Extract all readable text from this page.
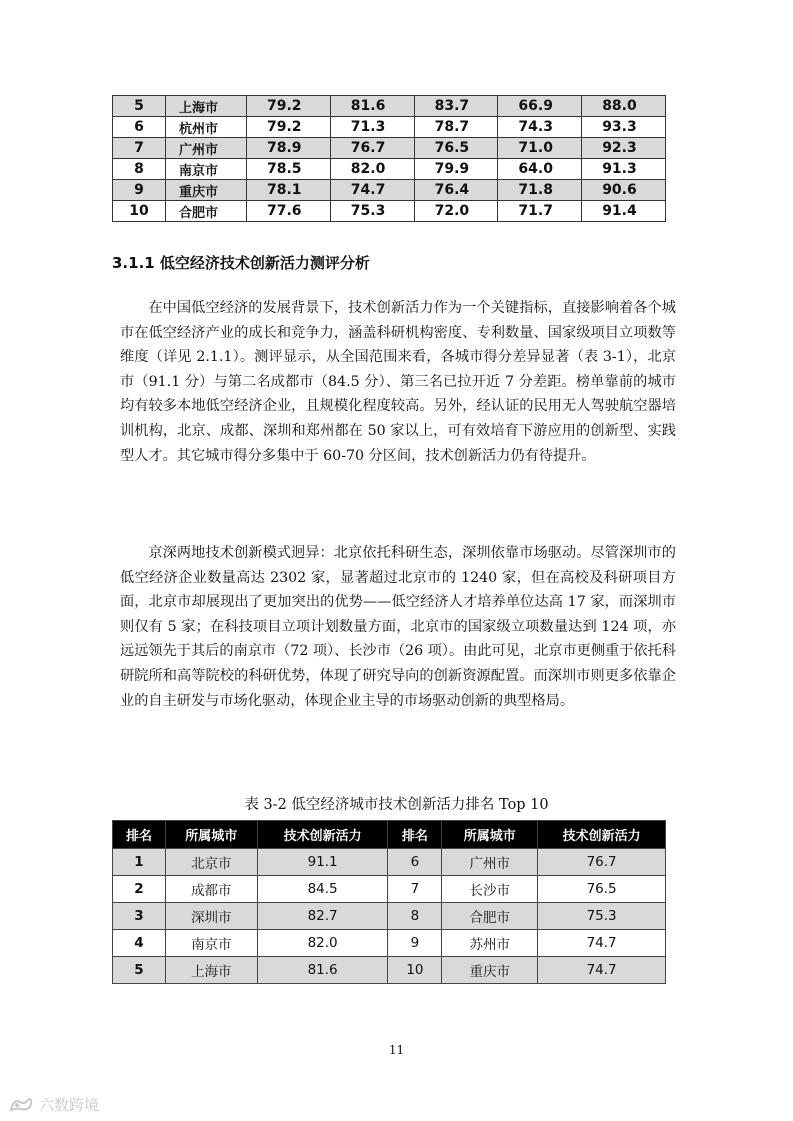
5	上海市	79.2	81.6	83.7	66.9	88.0
6	杭州市	79.2	71.3	78.7	74.3	93.3
7	广州市	78.9	76.7	76.5	71.0	92.3
8	南京市	78.5	82.0	79.9	64.0	91.3
9	重庆市	78.1	74.7	76.4	71.8	90.6
10	合肥市	77.6	75.3	72.0	71.7	91.4
3.1.1 低空经济技术创新活力测评分析

在中国低空经济的发展背景下，技术创新活力作为一个关键指标，直接影响着各个城市在低空经济产业的成长和竞争力，涵盖科研机构密度、专利数量、国家级项目立项数等维度（详见 2.1.1）。测评显示，从全国范围来看，各城市得分差异显著（表 3-1），北京市（91.1 分）与第二名成都市（84.5 分）、第三名已拉开近 7 分差距。榜单靠前的城市均有较多本地低空经济企业，且规模化程度较高。另外，经认证的民用无人驾驶航空器培训机构，北京、成都、深圳和郑州都在 50 家以上，可有效培育下游应用的创新型、实践型人才。其它城市得分多集中于 60-70 分区间，技术创新活力仍有待提升。

京深两地技术创新模式迥异：北京依托科研生态，深圳依靠市场驱动。尽管深圳市的低空经济企业数量高达 2302 家，显著超过北京市的 1240 家，但在高校及科研项目方面，北京市却展现出了更加突出的优势——低空经济人才培养单位达高 17 家，而深圳市则仅有 5 家；在科技项目立项计划数量方面，北京市的国家级立项数量达到 124 项，亦远远领先于其后的南京市（72 项）、长沙市（26 项）。由此可见，北京市更侧重于依托科研院所和高等院校的科研优势，体现了研究导向的创新资源配置。而深圳市则更多依靠企业的自主研发与市场化驱动，体现企业主导的市场驱动创新的典型格局。

表 3-2 低空经济城市技术创新活力排名 Top 10
排名	所属城市	技术创新活力	排名	所属城市	技术创新活力
1	北京市	91.1	6	广州市	76.7
2	成都市	84.5	7	长沙市	76.5
3	深圳市	82.7	8	合肥市	75.3
4	南京市	82.0	9	苏州市	74.7
5	上海市	81.6	10	重庆市	74.7
11
六数跨境
